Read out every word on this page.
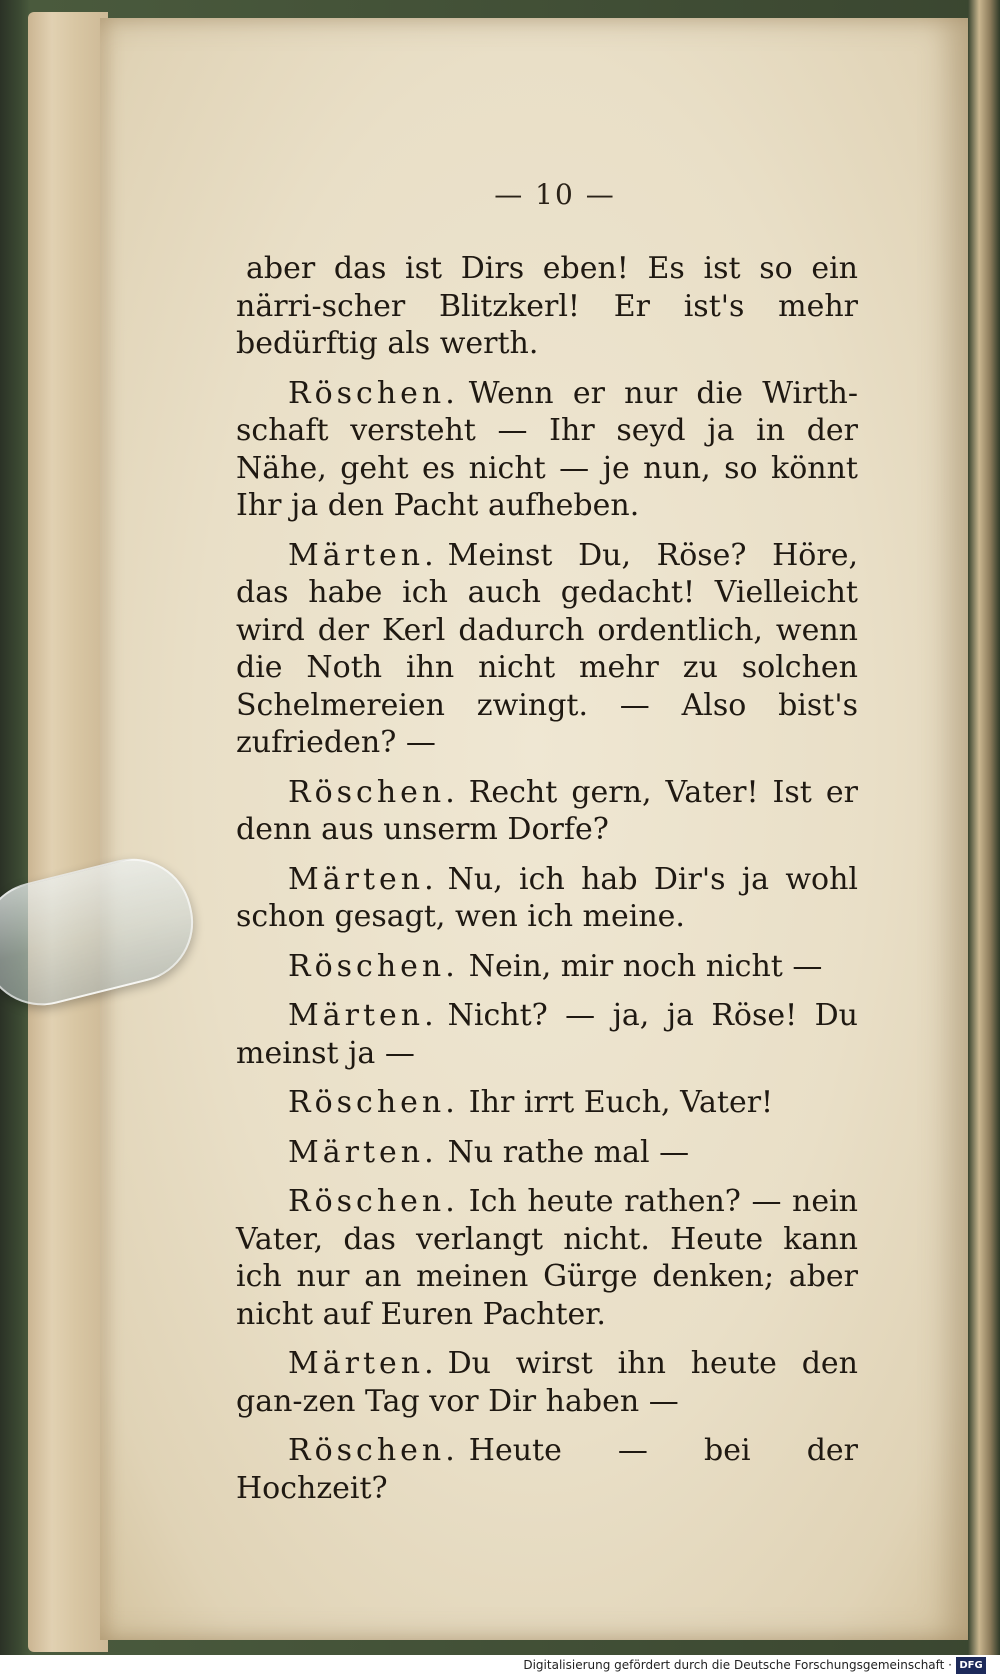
— 10 —

aber das ist Dirs eben! Es ist so ein närri-scher Blitzkerl! Er ist's mehr bedürftig als werth.

Röschen. Wenn er nur die Wirth-schaft versteht — Ihr seyd ja in der Nähe, geht es nicht — je nun, so könnt Ihr ja den Pacht aufheben.

Märten. Meinst Du, Röse? Höre, das habe ich auch gedacht! Vielleicht wird der Kerl dadurch ordentlich, wenn die Noth ihn nicht mehr zu solchen Schelmereien zwingt. — Also bist's zufrieden? —

Röschen. Recht gern, Vater! Ist er denn aus unserm Dorfe?

Märten. Nu, ich hab Dir's ja wohl schon gesagt, wen ich meine.

Röschen. Nein, mir noch nicht —

Märten. Nicht? — ja, ja Röse! Du meinst ja —

Röschen. Ihr irrt Euch, Vater!

Märten. Nu rathe mal —

Röschen. Ich heute rathen? — nein Vater, das verlangt nicht. Heute kann ich nur an meinen Gürge denken; aber nicht auf Euren Pachter.

Märten. Du wirst ihn heute den gan-zen Tag vor Dir haben —

Röschen. Heute — bei der Hochzeit?

Digitalisierung gefördert durch die Deutsche Forschungsgemeinschaft · DFG
